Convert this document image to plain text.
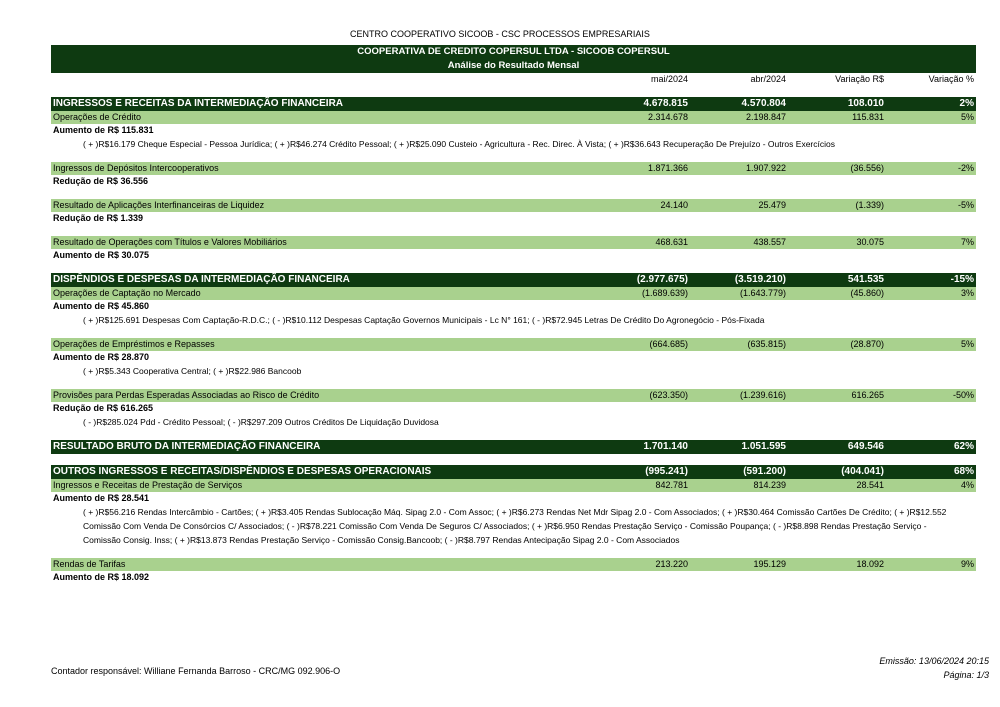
CENTRO COOPERATIVO SICOOB - CSC PROCESSOS EMPRESARIAIS
COOPERATIVA DE CREDITO COPERSUL LTDA - SICOOB COPERSUL
Análise do Resultado Mensal
mai/2024	abr/2024	Variação R$	Variação %
INGRESSOS E RECEITAS DA INTERMEDIAÇÃO FINANCEIRA	4.678.815	4.570.804	108.010	2%
Operações de Crédito	2.314.678	2.198.847	115.831	5%
Aumento de R$ 115.831
( + )R$16.179 Cheque Especial - Pessoa Jurídica; ( + )R$46.274 Crédito Pessoal; ( + )R$25.090 Custeio - Agricultura - Rec. Direc. À Vista; ( + )R$36.643 Recuperação De Prejuízo - Outros Exercícios
Ingressos de Depósitos Intercooperativos	1.871.366	1.907.922	(36.556)	-2%
Redução de R$ 36.556
Resultado de Aplicações Interfinanceiras de Liquidez	24.140	25.479	(1.339)	-5%
Redução de R$ 1.339
Resultado de Operações com Títulos e Valores Mobiliários	468.631	438.557	30.075	7%
Aumento de R$ 30.075
DISPÊNDIOS E DESPESAS DA INTERMEDIAÇÃO FINANCEIRA	(2.977.675)	(3.519.210)	541.535	-15%
Operações de Captação no Mercado	(1.689.639)	(1.643.779)	(45.860)	3%
Aumento de R$ 45.860
( + )R$125.691 Despesas Com Captação-R.D.C.; ( - )R$10.112 Despesas Captação Governos Municipais - Lc N° 161; ( - )R$72.945 Letras De Crédito Do Agronegócio - Pós-Fixada
Operações de Empréstimos e Repasses	(664.685)	(635.815)	(28.870)	5%
Aumento de R$ 28.870
( + )R$5.343 Cooperativa Central; ( + )R$22.986 Bancoob
Provisões para Perdas Esperadas Associadas ao Risco de Crédito	(623.350)	(1.239.616)	616.265	-50%
Redução de R$ 616.265
( - )R$285.024 Pdd - Crédito Pessoal; ( - )R$297.209 Outros Créditos De Liquidação Duvidosa
RESULTADO BRUTO DA INTERMEDIAÇÃO FINANCEIRA	1.701.140	1.051.595	649.546	62%
OUTROS INGRESSOS E RECEITAS/DISPÊNDIOS E DESPESAS OPERACIONAIS	(995.241)	(591.200)	(404.041)	68%
Ingressos e Receitas de Prestação de Serviços	842.781	814.239	28.541	4%
Aumento de R$ 28.541
( + )R$56.216 Rendas Intercâmbio - Cartões; ( + )R$3.405 Rendas Sublocação Máq. Sipag 2.0 - Com Assoc; ( + )R$6.273 Rendas Net Mdr Sipag 2.0 - Com Associados; ( + )R$30.464 Comissão Cartões De Crédito; ( + )R$12.552 Comissão Com Venda De Consórcios C/ Associados; ( - )R$78.221 Comissão Com Venda De Seguros C/ Associados; ( + )R$6.950 Rendas Prestação Serviço - Comissão Poupança; ( - )R$8.898 Rendas Prestação Serviço - Comissão Consig. Inss; ( + )R$13.873 Rendas Prestação Serviço - Comissão Consig.Bancoob; ( - )R$8.797 Rendas Antecipação Sipag 2.0 - Com Associados
Rendas de Tarifas	213.220	195.129	18.092	9%
Aumento de R$ 18.092
Contador responsável: Williane Fernanda Barroso - CRC/MG 092.906-O
Emissão: 13/06/2024 20:15
Página: 1/3
